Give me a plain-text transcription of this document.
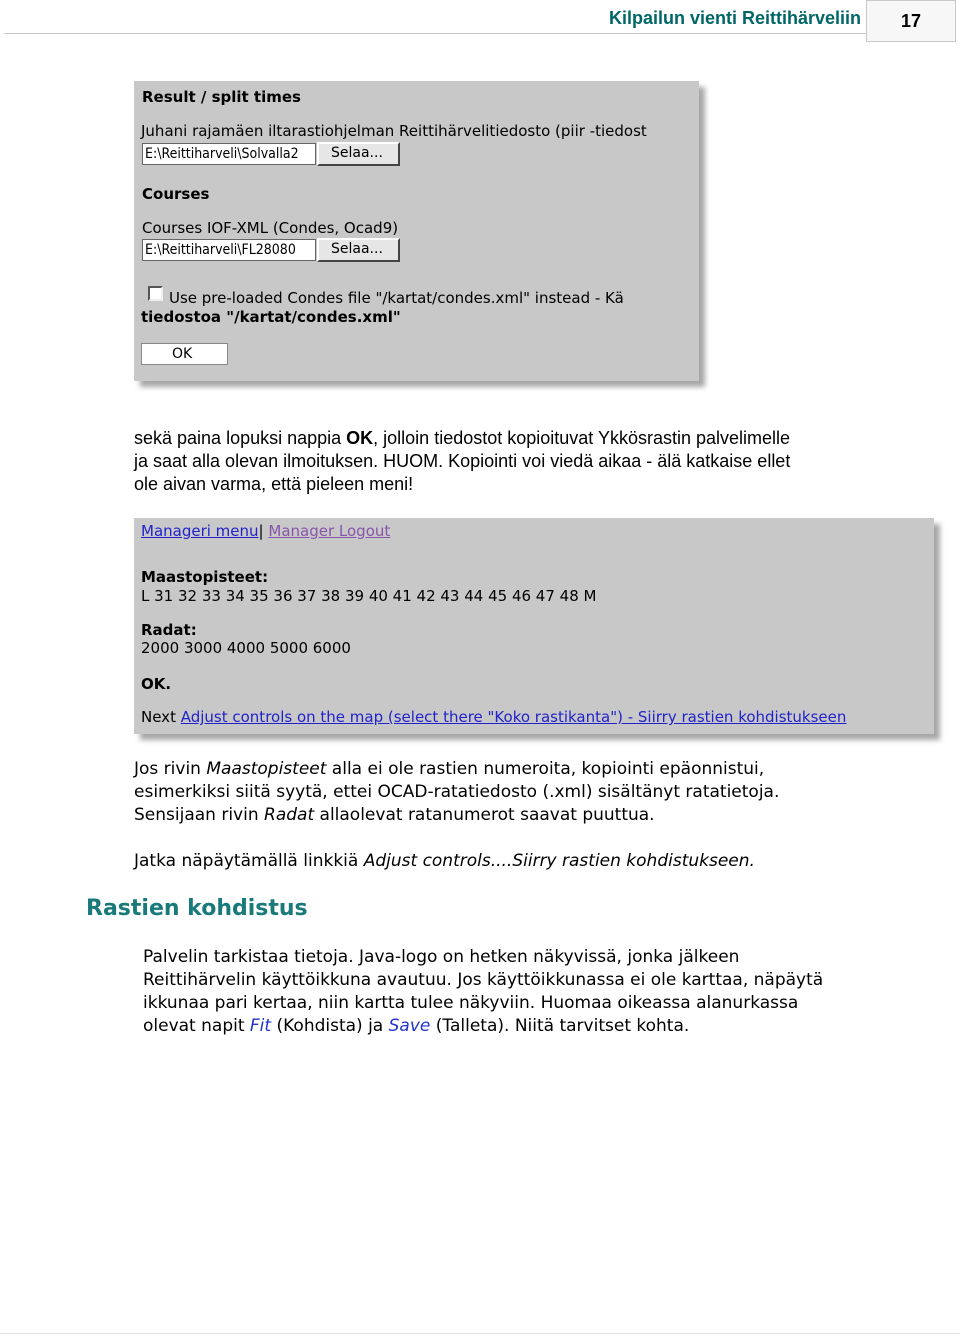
Kilpailun vienti Reittihärveliin	17
Result / split times
Juhani rajamäen iltarastiohjelman Reittihärvelitiedosto (piir -tiedost
E:\Reittiharveli\Solvalla2	Selaa...
Courses
Courses IOF-XML (Condes, Ocad9)
E:\Reittiharveli\FL28080	Selaa...
Use pre-loaded Condes file "/kartat/condes.xml" instead - Kä
tiedostoa "/kartat/condes.xml"
OK
sekä paina lopuksi nappia OK, jolloin tiedostot kopioituvat Ykkösrastin palvelimelle
ja saat alla olevan ilmoituksen. HUOM. Kopiointi voi viedä aikaa - älä katkaise ellet
ole aivan varma, että pieleen meni!
Manageri menu| Manager Logout
Maastopisteet:
L 31 32 33 34 35 36 37 38 39 40 41 42 43 44 45 46 47 48 M
Radat:
2000 3000 4000 5000 6000
OK.
Next Adjust controls on the map (select there "Koko rastikanta") - Siirry rastien kohdistukseen
Jos rivin Maastopisteet alla ei ole rastien numeroita, kopiointi epäonnistui,
esimerkiksi siitä syytä, ettei OCAD-ratatiedosto (.xml) sisältänyt ratatietoja.
Sensijaan rivin Radat allaolevat ratanumerot saavat puuttua.
Jatka näpäytämällä linkkiä Adjust controls....Siirry rastien kohdistukseen.
Rastien kohdistus
Palvelin tarkistaa tietoja. Java-logo on hetken näkyvissä, jonka jälkeen
Reittihärvelin käyttöikkuna avautuu. Jos käyttöikkunassa ei ole karttaa, näpäytä
ikkunaa pari kertaa, niin kartta tulee näkyviin. Huomaa oikeassa alanurkassa
olevat napit Fit (Kohdista) ja Save (Talleta). Niitä tarvitset kohta.
